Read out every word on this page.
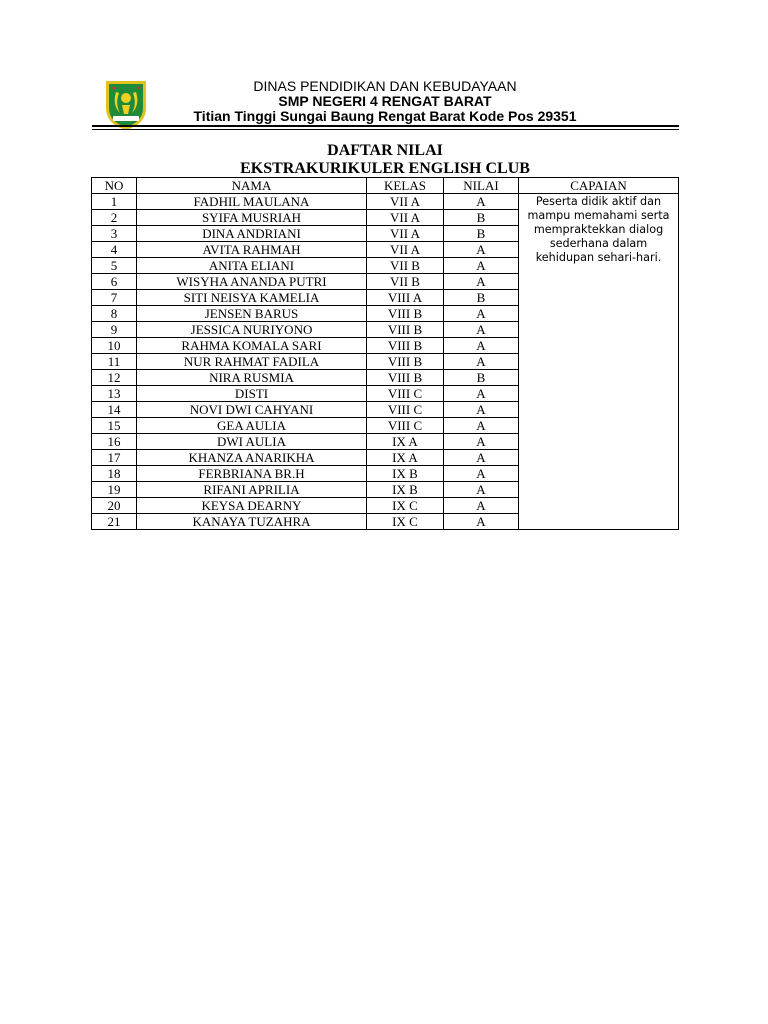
DINAS PENDIDIKAN DAN KEBUDAYAAN
SMP NEGERI 4 RENGAT BARAT
Titian Tinggi Sungai Baung Rengat Barat Kode Pos 29351
DAFTAR NILAI
EKSTRAKURIKULER ENGLISH CLUB
NO	NAMA	KELAS	NILAI	CAPAIAN
1	FADHIL MAULANA	VII A	A	Peserta didik aktif dan mampu memahami serta mempraktekkan dialog sederhana dalam kehidupan sehari-hari.
2	SYIFA MUSRIAH	VII A	B	
3	DINA ANDRIANI	VII A	B	
4	AVITA RAHMAH	VII A	A	
5	ANITA ELIANI	VII B	A	
6	WISYHA ANANDA PUTRI	VII B	A	
7	SITI NEISYA KAMELIA	VIII A	B	
8	JENSEN BARUS	VIII B	A	
9	JESSICA NURIYONO	VIII B	A	
10	RAHMA KOMALA SARI	VIII B	A	
11	NUR RAHMAT FADILA	VIII B	A	
12	NIRA RUSMIA	VIII B	B	
13	DISTI	VIII C	A	
14	NOVI DWI CAHYANI	VIII C	A	
15	GEA AULIA	VIII C	A	
16	DWI AULIA	IX A	A	
17	KHANZA ANARIKHA	IX A	A	
18	FERBRIANA BR.H	IX B	A	
19	RIFANI APRILIA	IX B	A	
20	KEYSA DEARNY	IX C	A	
21	KANAYA TUZAHRA	IX C	A	
